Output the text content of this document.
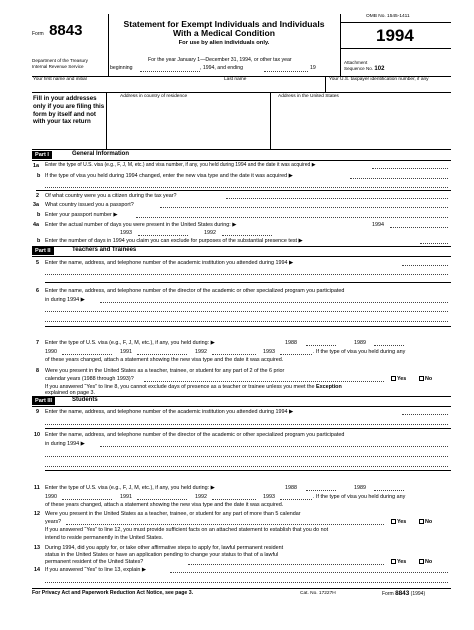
Form 8843
Department of the Treasury
Internal Revenue Service
Statement for Exempt Individuals and Individuals
With a Medical Condition
For use by alien individuals only.
For the year January 1—December 31, 1994, or other tax year
beginning	, 1994, and ending	19
OMB No. 1545-1411
1994
Attachment
Sequence No. 102
Your first name and initial	Last name	Your U.S. taxpayer identification number, if any
Fill in your addresses only if you are filing this form by itself and not with your tax return
Address in country of residence	Address in the United States
Part I	General Information
1a Enter the type of U.S. visa (e.g., F, J, M, etc.) and visa number, if any, you held during 1994 and the date it was acquired ▶
b If the type of visa you held during 1994 changed, enter the new visa type and the date it was acquired ▶
2 Of what country were you a citizen during the tax year?
3a What country issued you a passport?
b Enter your passport number ▶
4a Enter the actual number of days you were present in the United States during: ▶	1994
1993	1992
b Enter the number of days in 1994 you claim you can exclude for purposes of the substantial presence test ▶
Part II	Teachers and Trainees
5 Enter the name, address, and telephone number of the academic institution you attended during 1994 ▶
6 Enter the name, address, and telephone number of the director of the academic or other specialized program you participated
in during 1994 ▶
7 Enter the type of U.S. visa (e.g., F, J, M, etc.), if any, you held during: ▶	1988	1989
1990	1991	1992	1993	. If the type of visa you held during any
of these years changed, attach a statement showing the new visa type and the date it was acquired.
8 Were you present in the United States as a teacher, trainee, or student for any part of 2 of the 6 prior
calendar years (1988 through 1993)?	Yes	No
If you answered “Yes” to line 8, you cannot exclude days of presence as a teacher or trainee unless you meet the Exception
explained on page 3.
Part III	Students
9 Enter the name, address, and telephone number of the academic institution you attended during 1994 ▶
10 Enter the name, address, and telephone number of the director of the academic or other specialized program you participated
in during 1994 ▶
11 Enter the type of U.S. visa (e.g., F, J, M, etc.), if any, you held during: ▶	1988	1989
1990	1991	1992	1993	. If the type of visa you held during any
of these years changed, attach a statement showing the new visa type and the date it was acquired.
12 Were you present in the United States as a teacher, trainee, or student for any part of more than 5 calendar
years?	Yes	No
If you answered “Yes” to line 12, you must provide sufficient facts on an attached statement to establish that you do not
intend to reside permanently in the United States.
13 During 1994, did you apply for, or take other affirmative steps to apply for, lawful permanent resident
status in the United States or have an application pending to change your status to that of a lawful
permanent resident of the United States?	Yes	No
14 If you answered “Yes” to line 13, explain ▶
For Privacy Act and Paperwork Reduction Act Notice, see page 3.	Cat. No. 17227H	Form 8843 (1994)
